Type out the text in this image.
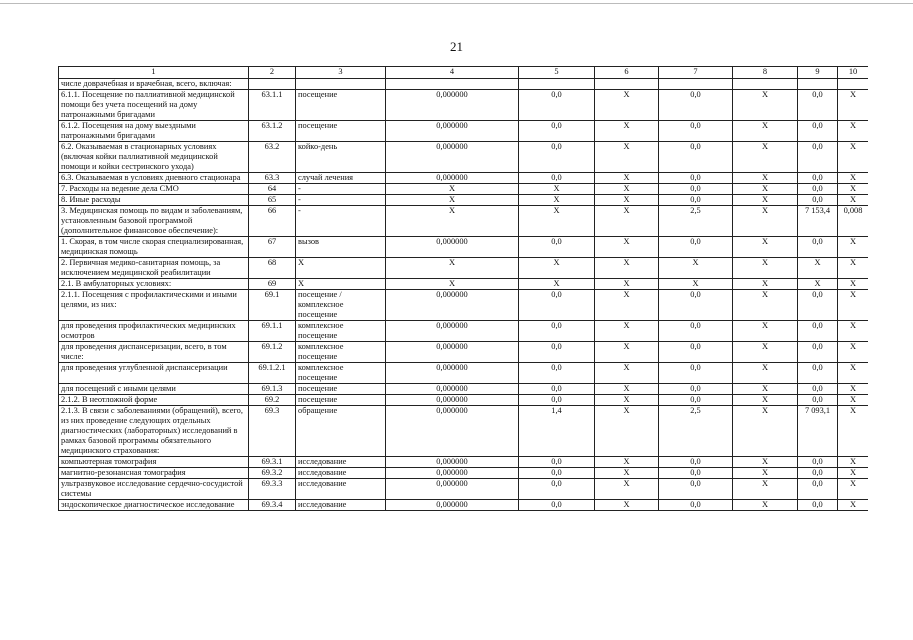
21
1	2	3	4	5	6	7	8	9	10
числе доврачебная и врачебная, всего, включая:									
6.1.1. Посещение по паллиативной медицинской помощи без учета посещений на дому патронажными бригадами	63.1.1	посещение	0,000000	0,0	X	0,0	X	0,0	X
6.1.2. Посещения на дому выездными патронажными бригадами	63.1.2	посещение	0,000000	0,0	X	0,0	X	0,0	X
6.2. Оказываемая в стационарных условиях (включая койки паллиативной медицинской помощи и койки сестринского ухода)	63.2	койко-день	0,000000	0,0	X	0,0	X	0,0	X
6.3. Оказываемая в условиях дневного стационара	63.3	случай лечения	0,000000	0,0	X	0,0	X	0,0	X
7. Расходы на ведение дела СМО	64	-	X	X	X	0,0	X	0,0	X
8. Иные расходы	65	-	X	X	X	0,0	X	0,0	X
3. Медицинская помощь по видам и заболеваниям, установленным базовой программой (дополнительное финансовое обеспечение):	66	-	X	X	X	2,5	X	7 153,4	0,008
1. Скорая, в том числе скорая специализированная, медицинская помощь	67	вызов	0,000000	0,0	X	0,0	X	0,0	X
2. Первичная медико-санитарная помощь, за исключением медицинской реабилитации	68	X	X	X	X	X	X	X	X
2.1. В амбулаторных условиях:	69	X	X	X	X	X	X	X	X
2.1.1. Посещения с профилактическими и иными целями, из них:	69.1	посещение / комплексное посещение	0,000000	0,0	X	0,0	X	0,0	X
для проведения профилактических медицинских осмотров	69.1.1	комплексное посещение	0,000000	0,0	X	0,0	X	0,0	X
для проведения диспансеризации, всего, в том числе:	69.1.2	комплексное посещение	0,000000	0,0	X	0,0	X	0,0	X
для проведения углубленной диспансеризации	69.1.2.1	комплексное посещение	0,000000	0,0	X	0,0	X	0,0	X
для посещений с иными целями	69.1.3	посещение	0,000000	0,0	X	0,0	X	0,0	X
2.1.2. В неотложной форме	69.2	посещение	0,000000	0,0	X	0,0	X	0,0	X
2.1.3. В связи с заболеваниями (обращений), всего, из них проведение следующих отдельных диагностических (лабораторных) исследований в рамках базовой программы обязательного медицинского страхования:	69.3	обращение	0,000000	1,4	X	2,5	X	7 093,1	X
компьютерная томография	69.3.1	исследование	0,000000	0,0	X	0,0	X	0,0	X
магнитно-резонансная томография	69.3.2	исследование	0,000000	0,0	X	0,0	X	0,0	X
ультразвуковое исследование сердечно-сосудистой системы	69.3.3	исследование	0,000000	0,0	X	0,0	X	0,0	X
эндоскопическое диагностическое исследование	69.3.4	исследование	0,000000	0,0	X	0,0	X	0,0	X
